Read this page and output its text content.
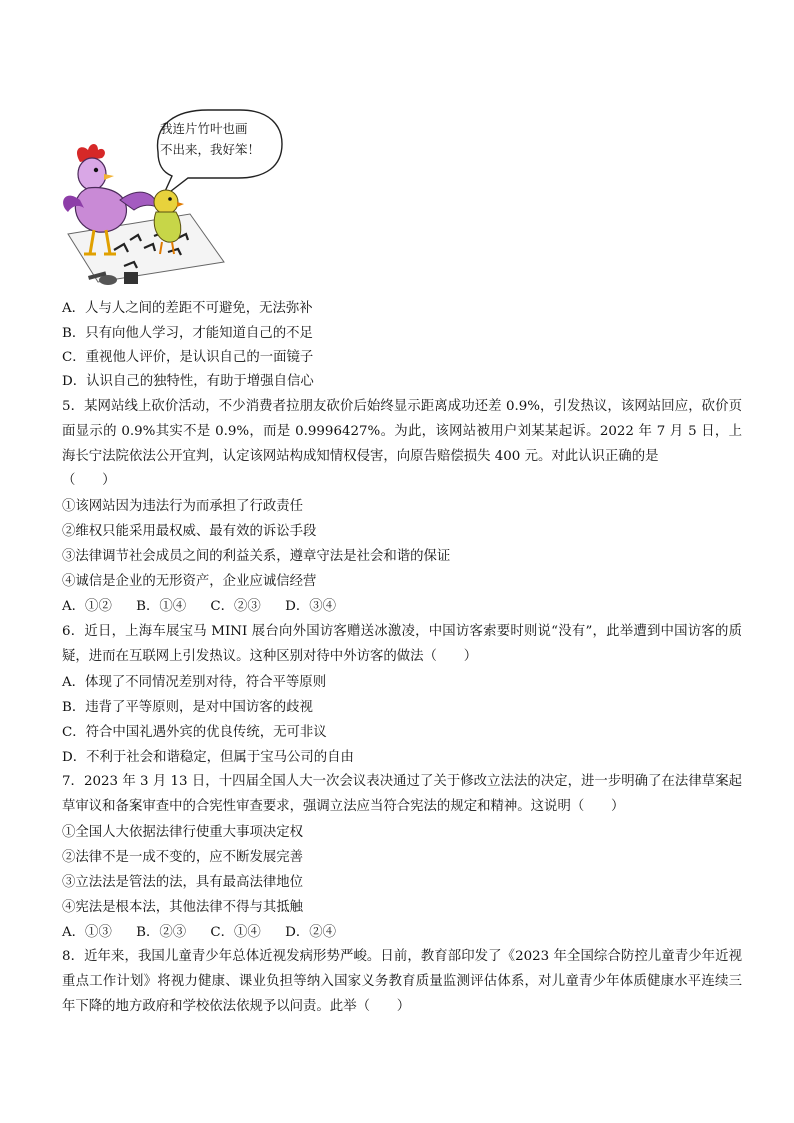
我连片竹叶也画
不出来，我好笨！
A．人与人之间的差距不可避免，无法弥补
B．只有向他人学习，才能知道自己的不足
C．重视他人评价，是认识自己的一面镜子
D．认识自己的独特性，有助于增强自信心
5．某网站线上砍价活动，不少消费者拉朋友砍价后始终显示距离成功还差 0.9%，引发热议，该网站回应，砍价页面显示的 0.9%其实不是 0.9%，而是 0.9996427%。为此，该网站被用户刘某某起诉。2022 年 7 月 5 日，上海长宁法院依法公开宜判，认定该网站构成知情权侵害，向原告赔偿损失 400 元。对此认识正确的是
（　　）
①该网站因为违法行为而承担了行政责任
②维权只能采用最权威、最有效的诉讼手段
③法律调节社会成员之间的利益关系，遵章守法是社会和谐的保证
④诚信是企业的无形资产，企业应诚信经营
A．①② B．①④ C．②③ D．③④
6．近日，上海车展宝马 MINI 展台向外国访客赠送冰激凌，中国访客索要时则说“没有”，此举遭到中国访客的质疑，进而在互联网上引发热议。这种区别对待中外访客的做法（　　）
A．体现了不同情况差别对待，符合平等原则
B．违背了平等原则，是对中国访客的歧视
C．符合中国礼遇外宾的优良传统，无可非议
D．不利于社会和谐稳定，但属于宝马公司的自由
7．2023 年 3 月 13 日，十四届全国人大一次会议表决通过了关于修改立法法的决定，进一步明确了在法律草案起草审议和备案审查中的合宪性审查要求，强调立法应当符合宪法的规定和精神。这说明（　　）
①全国人大依据法律行使重大事项决定权
②法律不是一成不变的，应不断发展完善
③立法法是管法的法，具有最高法律地位
④宪法是根本法，其他法律不得与其抵触
A．①③ B．②③ C．①④ D．②④
8．近年来，我国儿童青少年总体近视发病形势严峻。日前，教育部印发了《2023 年全国综合防控儿童青少年近视重点工作计划》将视力健康、课业负担等纳入国家义务教育质量监测评估体系，对儿童青少年体质健康水平连续三年下降的地方政府和学校依法依规予以问责。此举（　　）
